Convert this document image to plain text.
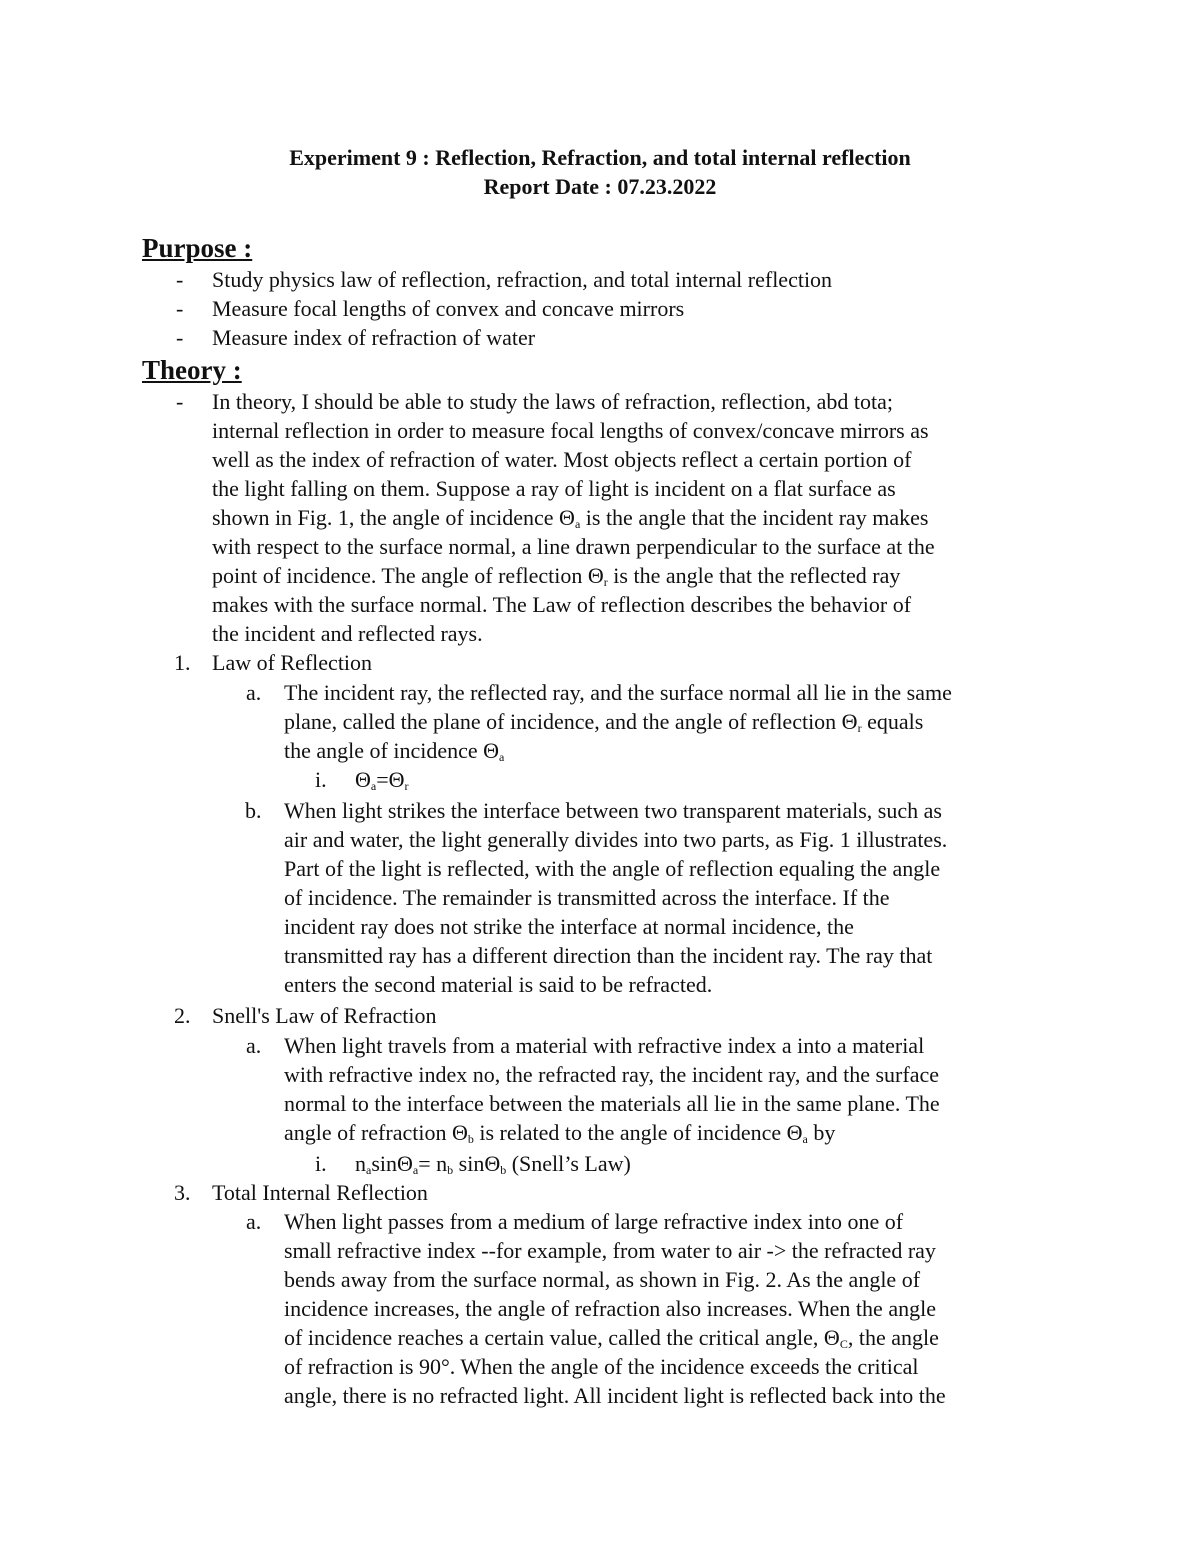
Experiment 9 : Reflection, Refraction, and total internal reflection
Report Date : 07.23.2022
Purpose :
- Study physics law of reflection, refraction, and total internal reflection
- Measure focal lengths of convex and concave mirrors
- Measure index of refraction of water
Theory :
- In theory, I should be able to study the laws of refraction, reflection, abd tota;
internal reflection in order to measure focal lengths of convex/concave mirrors as
well as the index of refraction of water. Most objects reflect a certain portion of
the light falling on them. Suppose a ray of light is incident on a flat surface as
shown in Fig. 1, the angle of incidence $\Theta_a$ is the angle that the incident ray makes
with respect to the surface normal, a line drawn perpendicular to the surface at the
point of incidence. The angle of reflection $\Theta_r$ is the angle that the reflected ray
makes with the surface normal. The Law of reflection describes the behavior of
the incident and reflected rays.
1. Law of Reflection
a. The incident ray, the reflected ray, and the surface normal all lie in the same
plane, called the plane of incidence, and the angle of reflection $\Theta_r$ equals
the angle of incidence $\Theta_a$
i. $\Theta_a=\Theta_r$
b. When light strikes the interface between two transparent materials, such as
air and water, the light generally divides into two parts, as Fig. 1 illustrates.
Part of the light is reflected, with the angle of reflection equaling the angle
of incidence. The remainder is transmitted across the interface. If the
incident ray does not strike the interface at normal incidence, the
transmitted ray has a different direction than the incident ray. The ray that
enters the second material is said to be refracted.
2. Snell's Law of Refraction
a. When light travels from a material with refractive index a into a material
with refractive index no, the refracted ray, the incident ray, and the surface
normal to the interface between the materials all lie in the same plane. The
angle of refraction $\Theta_b$ is related to the angle of incidence $\Theta_a$ by
i. $n_a\sin\Theta_a= n_b$ sinΘ$_b$ (Snell’s Law)
3. Total Internal Reflection
a. When light passes from a medium of large refractive index into one of
small refractive index --for example, from water to air -> the refracted ray
bends away from the surface normal, as shown in Fig. 2. As the angle of
incidence increases, the angle of refraction also increases. When the angle
of incidence reaches a certain value, called the critical angle, $\Theta_C$, the angle
of refraction is 90°. When the angle of the incidence exceeds the critical
angle, there is no refracted light. All incident light is reflected back into the
